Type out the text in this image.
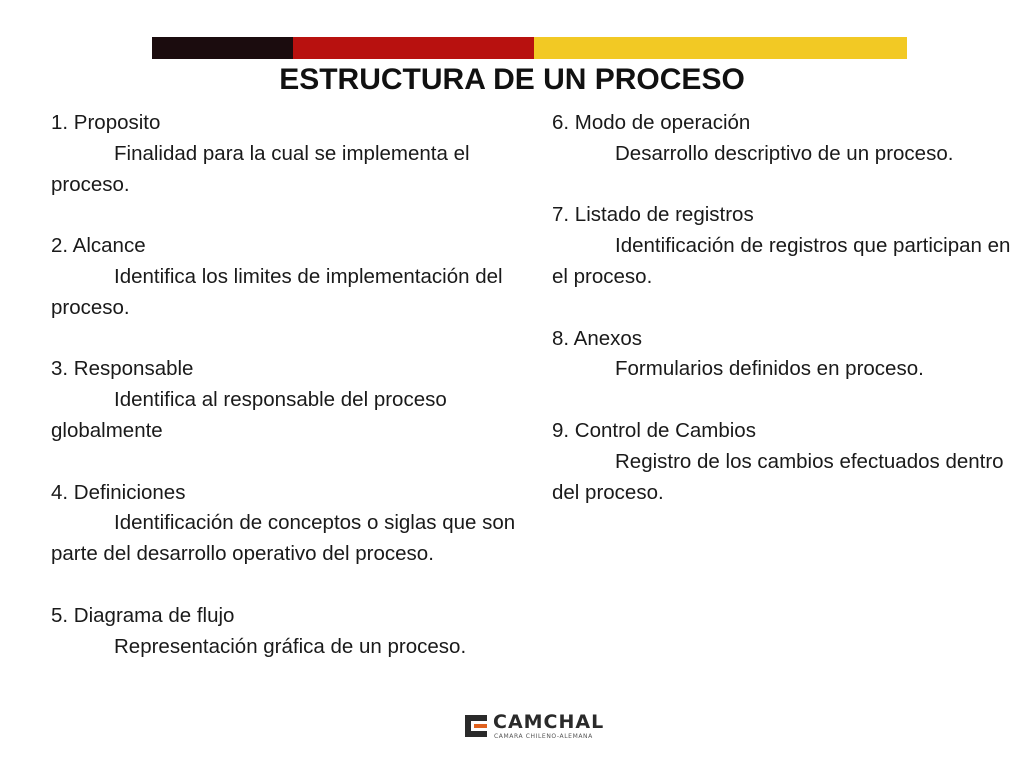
ESTRUCTURA DE UN PROCESO
1. Proposito
Finalidad para la cual se implementa el proceso.
2. Alcance
Identifica los limites de implementación del proceso.
3. Responsable
Identifica al responsable del proceso globalmente
4. Definiciones
Identificación de conceptos o siglas que son parte del desarrollo operativo del proceso.
5. Diagrama de flujo
Representación gráfica de un proceso.
6. Modo de operación
Desarrollo descriptivo de un proceso.
7. Listado de registros
Identificación de registros que participan en el proceso.
8. Anexos
Formularios definidos en proceso.
9. Control de Cambios
Registro de los cambios efectuados dentro del proceso.
CAMCHAL
CAMARA CHILENO-ALEMANA
